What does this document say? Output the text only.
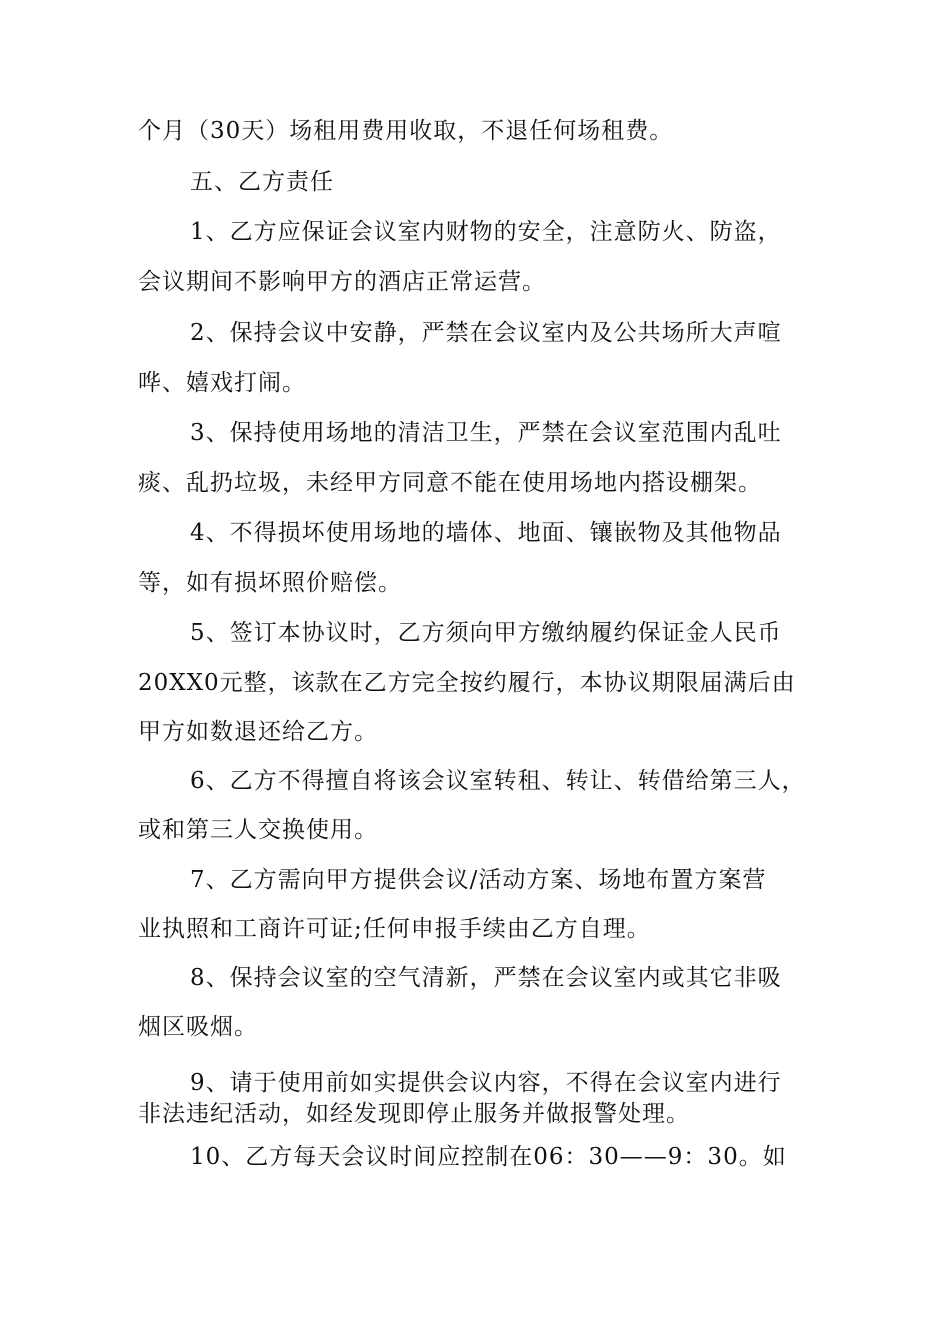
个月（30天）场租用费用收取，不退任何场租费。
五、乙方责任
1、乙方应保证会议室内财物的安全，注意防火、防盗，
会议期间不影响甲方的酒店正常运营。
2、保持会议中安静，严禁在会议室内及公共场所大声喧
哗、嬉戏打闹。
3、保持使用场地的清洁卫生，严禁在会议室范围内乱吐
痰、乱扔垃圾，未经甲方同意不能在使用场地内搭设棚架。
4、不得损坏使用场地的墙体、地面、镶嵌物及其他物品
等，如有损坏照价赔偿。
5、签订本协议时，乙方须向甲方缴纳履约保证金人民币
20XX0元整，该款在乙方完全按约履行，本协议期限届满后由
甲方如数退还给乙方。
6、乙方不得擅自将该会议室转租、转让、转借给第三人，
或和第三人交换使用。
7、乙方需向甲方提供会议/活动方案、场地布置方案营
业执照和工商许可证;任何申报手续由乙方自理。
8、保持会议室的空气清新，严禁在会议室内或其它非吸
烟区吸烟。
9、请于使用前如实提供会议内容，不得在会议室内进行
非法违纪活动，如经发现即停止服务并做报警处理。
10、乙方每天会议时间应控制在06：30——9：30。如
